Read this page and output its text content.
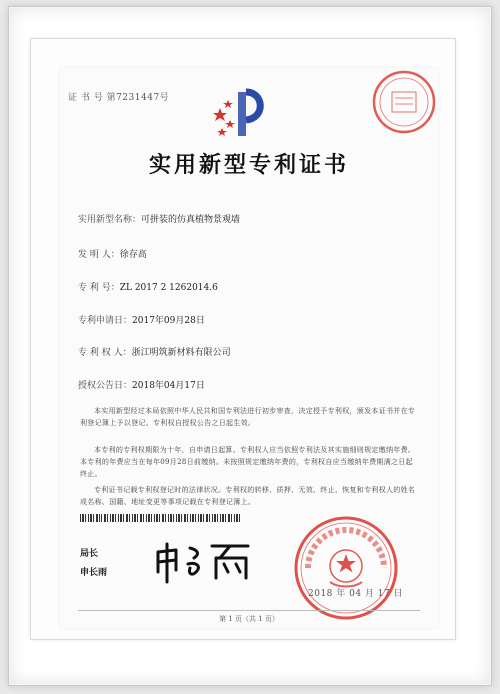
证 书 号 第7231447号
实用新型专利证书
实用新型名称：可拼装的仿真植物景观墙
发 明 人：徐存高
专 利 号：ZL 2017 2 1262014.6
专利申请日：2017年09月28日
专 利 权 人：浙江明筑新材料有限公司
授权公告日：2018年04月17日
本实用新型经过本局依照中华人民共和国专利法进行初步审查，决定授予专利权，颁发本证书并在专利登记簿上予以登记。专利权自授权公告之日起生效。
本专利的专利权期限为十年，自申请日起算。专利权人应当依照专利法及其实施细则规定缴纳年费。本专利的年费应当在每年09月28日前缴纳。未按照规定缴纳年费的，专利权自应当缴纳年费期满之日起终止。
专利证书记载专利权登记时的法律状况。专利权的转移、质押、无效、终止、恢复和专利权人的姓名或名称、国籍、地址变更等事项记载在专利登记簿上。
局长
申长雨
2018 年 04 月 17 日
第 1 页（共 1 页）
